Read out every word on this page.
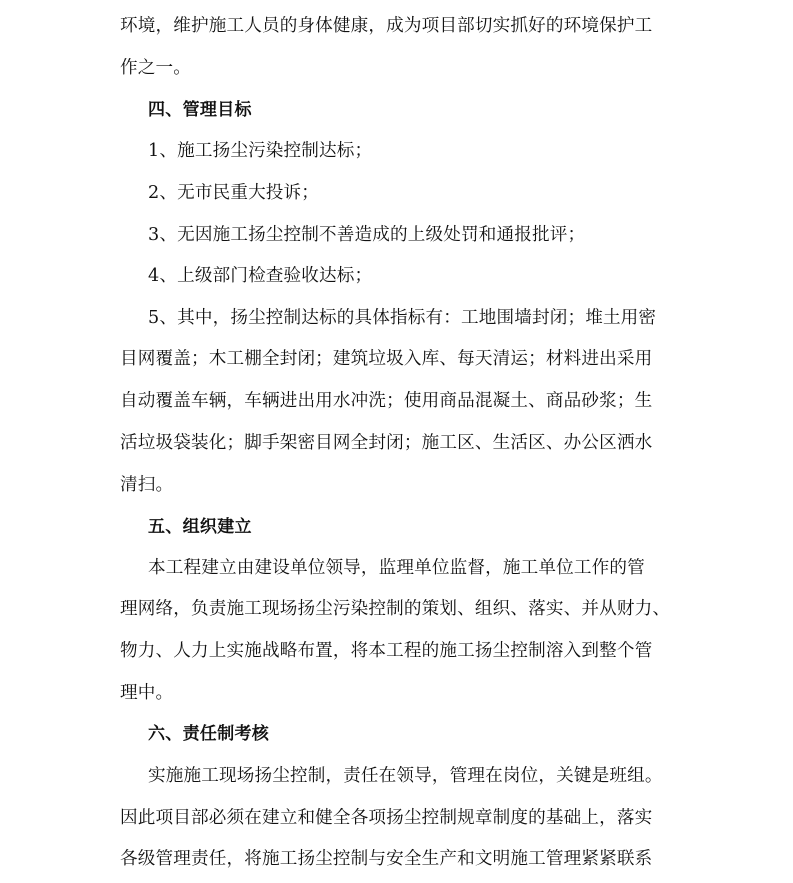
环境，维护施工人员的身体健康，成为项目部切实抓好的环境保护工
作之一。
四、管理目标
1、施工扬尘污染控制达标；
2、无市民重大投诉；
3、无因施工扬尘控制不善造成的上级处罚和通报批评；
4、上级部门检查验收达标；
5、其中，扬尘控制达标的具体指标有：工地围墙封闭；堆土用密
目网覆盖；木工棚全封闭；建筑垃圾入库、每天清运；材料进出采用
自动覆盖车辆，车辆进出用水冲洗；使用商品混凝土、商品砂浆；生
活垃圾袋装化；脚手架密目网全封闭；施工区、生活区、办公区洒水
清扫。
五、组织建立
本工程建立由建设单位领导，监理单位监督，施工单位工作的管
理网络，负责施工现场扬尘污染控制的策划、组织、落实、并从财力、
物力、人力上实施战略布置，将本工程的施工扬尘控制溶入到整个管
理中。
六、责任制考核
实施施工现场扬尘控制，责任在领导，管理在岗位，关键是班组。
因此项目部必须在建立和健全各项扬尘控制规章制度的基础上，落实
各级管理责任，将施工扬尘控制与安全生产和文明施工管理紧紧联系
